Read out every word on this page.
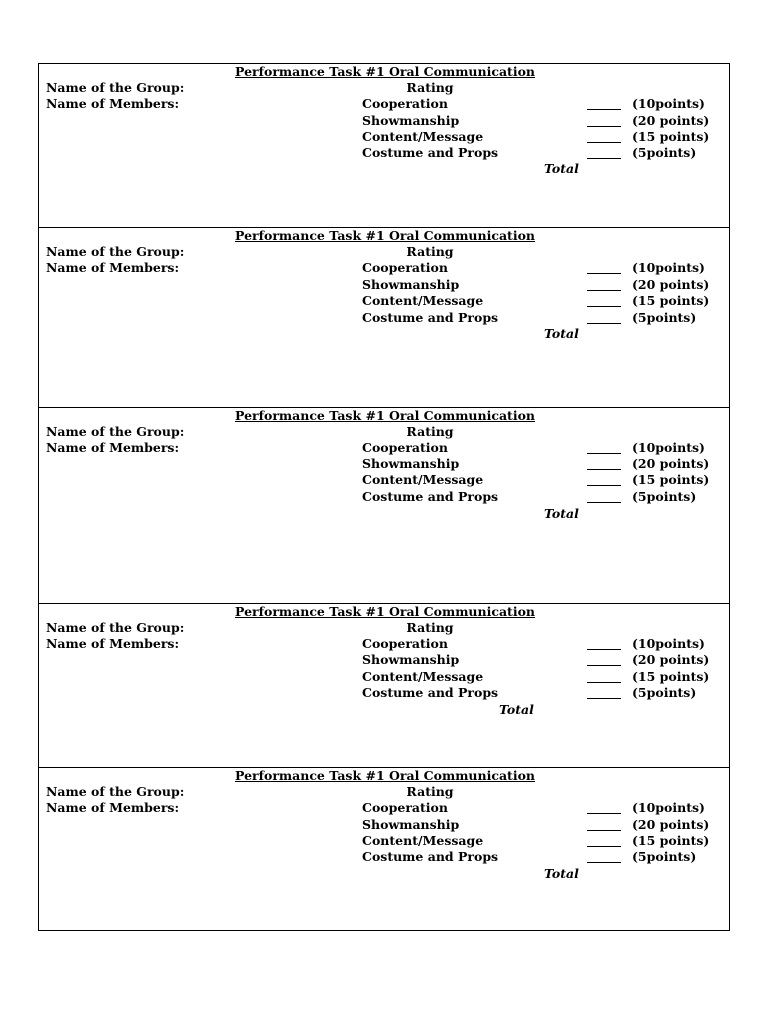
Performance Task #1 Oral Communication
Rating
Name of the Group:
Name of Members:	Cooperation	(10points)
Showmanship	(20 points)
Content/Message	(15 points)
Costume and Props	(5points)
Total
Performance Task #1 Oral Communication
Rating
Name of the Group:
Name of Members:	Cooperation	(10points)
Showmanship	(20 points)
Content/Message	(15 points)
Costume and Props	(5points)
Total
Performance Task #1 Oral Communication
Rating
Name of the Group:
Name of Members:	Cooperation	(10points)
Showmanship	(20 points)
Content/Message	(15 points)
Costume and Props	(5points)
Total
Performance Task #1 Oral Communication
Rating
Name of the Group:
Name of Members:	Cooperation	(10points)
Showmanship	(20 points)
Content/Message	(15 points)
Costume and Props	(5points)
Total
Performance Task #1 Oral Communication
Rating
Name of the Group:
Name of Members:	Cooperation	(10points)
Showmanship	(20 points)
Content/Message	(15 points)
Costume and Props	(5points)
Total
